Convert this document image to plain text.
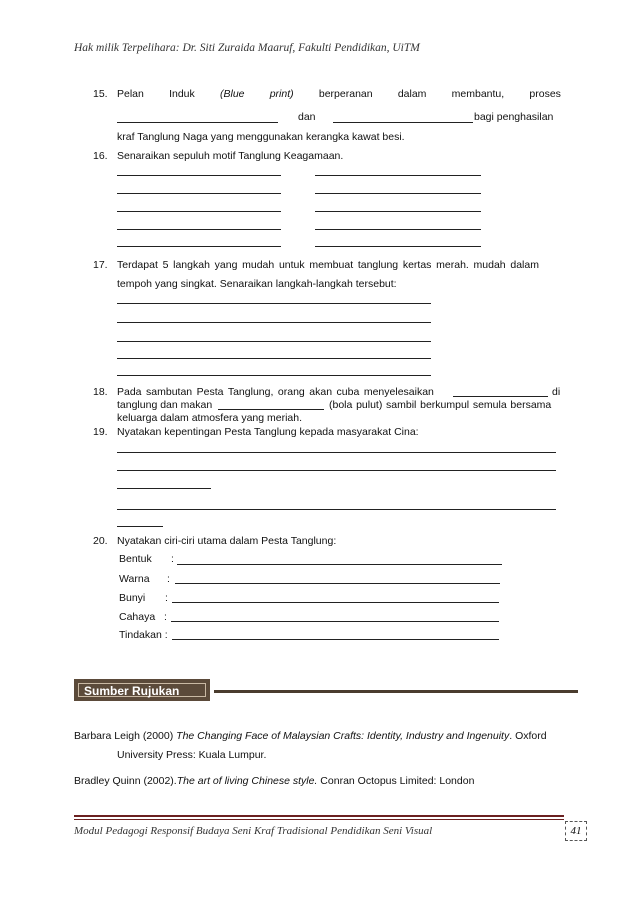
Hak milik Terpelihara: Dr. Siti Zuraida Maaruf, Fakulti Pendidikan, UiTM
15. Pelan Induk (Blue print) berperanan dalam membantu, proses
dan	bagi penghasilan
kraf Tanglung Naga yang menggunakan kerangka kawat besi.
16. Senaraikan sepuluh motif Tanglung Keagamaan.
17. Terdapat 5 langkah yang mudah untuk membuat tanglung kertas merah. mudah dalam
tempoh yang singkat. Senaraikan langkah-langkah tersebut:
18. Pada sambutan Pesta Tanglung, orang akan cuba menyelesaikan	di
tanglung dan makan	(bola pulut) sambil berkumpul semula bersama
keluarga dalam atmosfera yang meriah.
19. Nyatakan kepentingan Pesta Tanglung kepada masyarakat Cina:
20. Nyatakan ciri-ciri utama dalam Pesta Tanglung:
Bentuk :
Warna :
Bunyi :
Cahaya :
Tindakan :
Sumber Rujukan
Barbara Leigh (2000) The Changing Face of Malaysian Crafts: Identity, Industry and Ingenuity. Oxford
University Press: Kuala Lumpur.
Bradley Quinn (2002).The art of living Chinese style. Conran Octopus Limited: London
Modul Pedagogi Responsif Budaya Seni Kraf Tradisional Pendidikan Seni Visual	41
